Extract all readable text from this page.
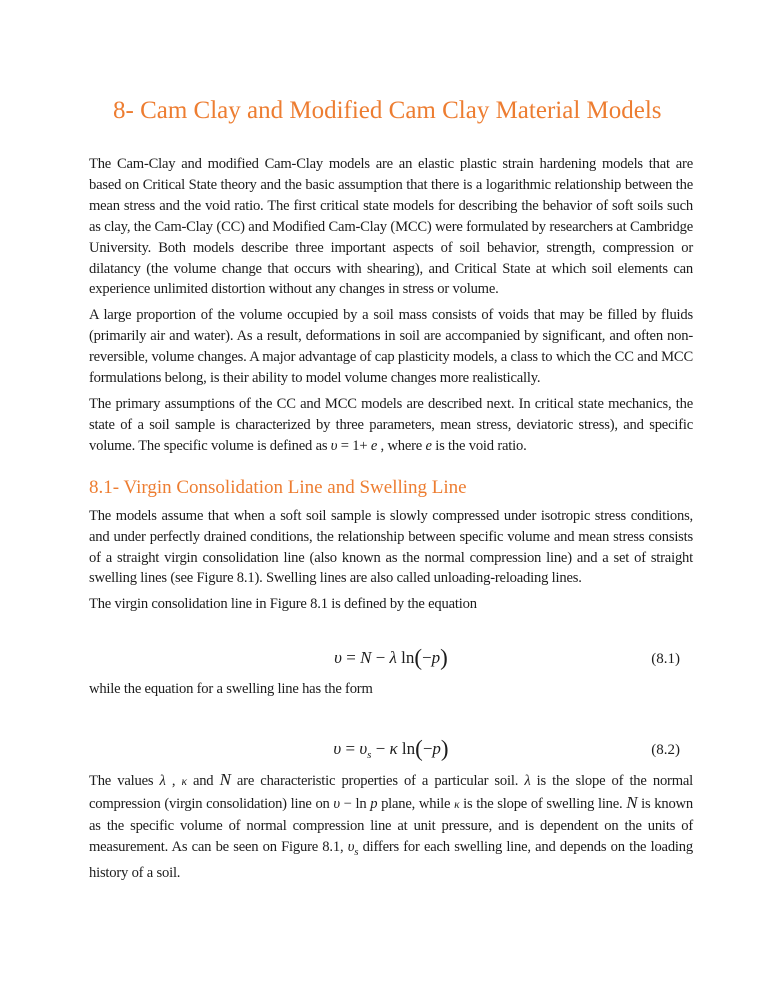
8- Cam Clay and Modified Cam Clay Material Models

The Cam-Clay and modified Cam-Clay models are an elastic plastic strain hardening models that are based on Critical State theory and the basic assumption that there is a logarithmic relationship between the mean stress and the void ratio. The first critical state models for describing the behavior of soft soils such as clay, the Cam-Clay (CC) and Modified Cam-Clay (MCC) were formulated by researchers at Cambridge University. Both models describe three important aspects of soil behavior, strength, compression or dilatancy (the volume change that occurs with shearing), and Critical State at which soil elements can experience unlimited distortion without any changes in stress or volume.

A large proportion of the volume occupied by a soil mass consists of voids that may be filled by fluids (primarily air and water). As a result, deformations in soil are accompanied by significant, and often non-reversible, volume changes. A major advantage of cap plasticity models, a class to which the CC and MCC formulations belong, is their ability to model volume changes more realistically.

The primary assumptions of the CC and MCC models are described next. In critical state mechanics, the state of a soil sample is characterized by three parameters, mean stress, deviatoric stress), and specific volume. The specific volume is defined as υ = 1+ e , where e is the void ratio.

8.1- Virgin Consolidation Line and Swelling Line

The models assume that when a soft soil sample is slowly compressed under isotropic stress conditions, and under perfectly drained conditions, the relationship between specific volume and mean stress consists of a straight virgin consolidation line (also known as the normal compression line) and a set of straight swelling lines (see Figure 8.1). Swelling lines are also called unloading-reloading lines.

The virgin consolidation line in Figure 8.1 is defined by the equation

υ = N − λ ln(−p)	(8.1)

while the equation for a swelling line has the form

$\upsilon = \upsilon_s - \kappa$ ln(−p)	(8.2)

The values λ , κ and N are characteristic properties of a particular soil. λ is the slope of the normal compression (virgin consolidation) line on υ − ln p plane, while κ is the slope of swelling line. N is known as the specific volume of normal compression line at unit pressure, and is dependent on the units of measurement. As can be seen on Figure 8.1, $\upsilon_s$ differs for each swelling line, and depends on the loading history of a soil.
